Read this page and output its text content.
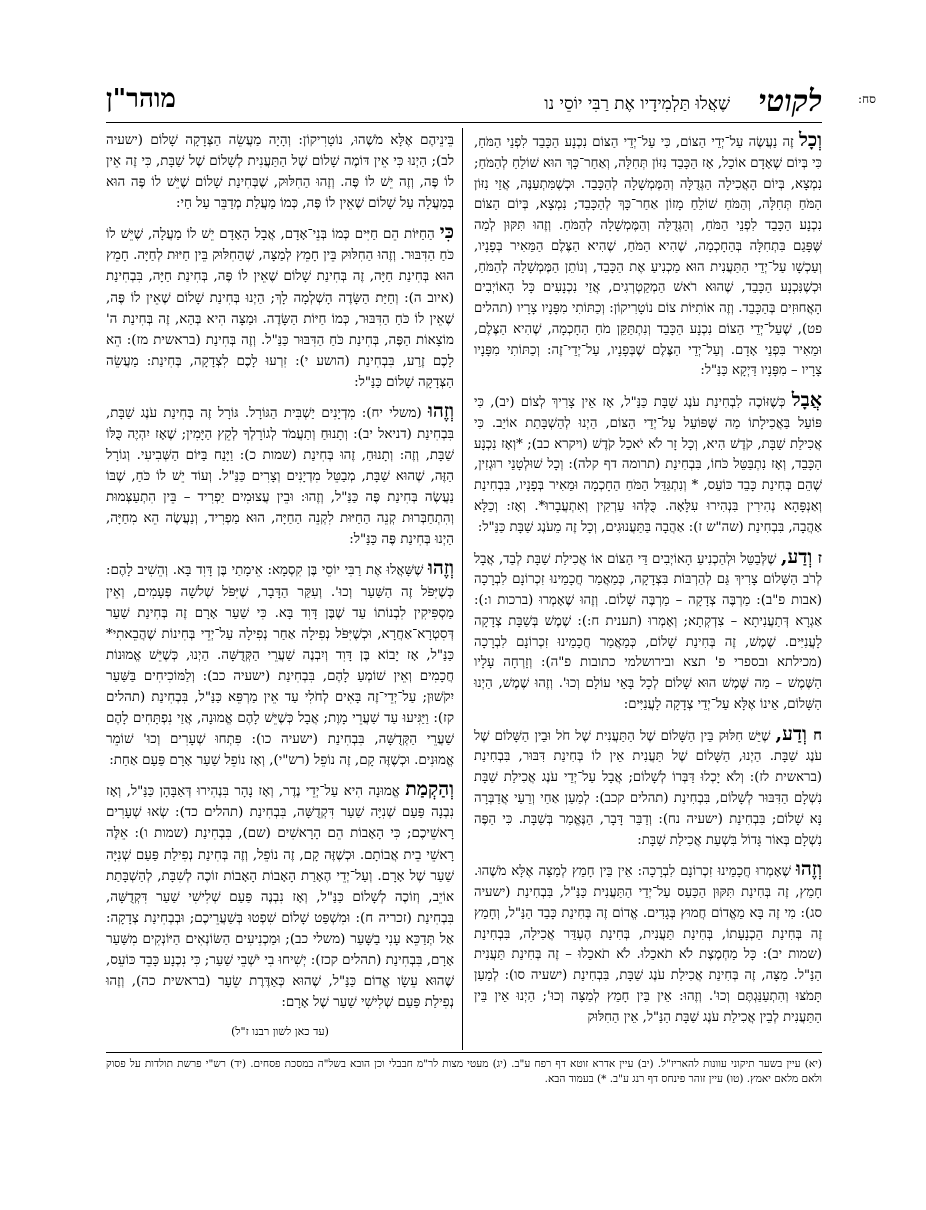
סח:
לקוטי
שֶׁאֲלוּ תַּלְמִידָיו אֶת רַבִּי יוֹסֵי נו
מוהר"ן

וְכָל זֶה נַעֲשֶׂה עַל־יְדֵי הַצּוֹם, כִּי עַל־יְדֵי הַצּוֹם נִכְנָע הַכָּבֵד לִפְנֵי הַמֹּחַ, כִּי בְּיוֹם שֶׁאָדָם אוֹכֵל, אָז הַכָּבֵד נִזּוֹן תְּחִלָּה, וְאַחַר־כָּךְ הוּא שׁוֹלֵחַ לְהַמֹּחַ; נִמְצָא, בְּיוֹם הָאֲכִילָה הַגְּדֻלָּה וְהַמֶּמְשָׁלָה לְהַכָּבֵד. וּכְשֶׁמִּתְעַנֶּה, אֲזַי נִזּוֹן הַמֹּחַ תְּחִלָּה, וְהַמֹּחַ שׁוֹלֵחַ מָזוֹן אַחַר־כָּךְ לְהַכָּבֵד; נִמְצָא, בְּיוֹם הַצּוֹם נִכְנָע הַכָּבֵד לִפְנֵי הַמֹּחַ, וְהַגְּדֻלָּה וְהַמֶּמְשָׁלָה לְהַמֹּחַ. וְזֶהוּ תִּקּוּן לְמַה שֶּׁפָּגַם בִּתְחִלָּה בְּהַחָכְמָה, שֶׁהִיא הַמֹּחַ, שֶׁהִיא הַצֶּלֶם הַמֵּאִיר בְּפָנָיו, וְעַכְשָׁו עַל־יְדֵי הַתַּעֲנִית הוּא מַכְנִיעַ אֶת הַכָּבֵד, וְנוֹתֵן הַמֶּמְשָׁלָה לְהַמֹּחַ, וּכְשֶׁנִּכְנָע הַכָּבֵד, שֶׁהוּא רֹאשׁ הַמְקַטְרְגִים, אֲזַי נִכְנָעִים כָּל הָאוֹיְבִים הָאֲחוּזִים בְּהַכָּבֵד. וְזֶה אוֹתִיּוֹת צוֹם נוֹטָרִיקוֹן: וְכַתּוֹתִי מִפָּנָיו צָרָיו (תהלים פט), שֶׁעַל־יְדֵי הַצּוֹם נִכְנָע הַכָּבֵד וְנִתְתַּקֵּן מֹחַ הַחָכְמָה, שֶׁהִיא הַצֶּלֶם, וּמֵאִיר בִּפְנֵי אָדָם. וְעַל־יְדֵי הַצֶּלֶם שֶׁבְּפָנָיו, עַל־יְדֵי־זֶה: וְכַתּוֹתִי מִפָּנָיו צָרָיו – מִפָּנָיו דַּיְקָא כַּנַּ"ל:

אֲבָל כְּשֶׁזּוֹכֶה לִבְחִינַת עֹנֶג שַׁבָּת כַּנַּ"ל, אָז אֵין צָרִיךְ לְצוֹם (יב), כִּי פּוֹעֵל בַּאֲכִילָתוֹ מַה שֶּׁפּוֹעֵל עַל־יְדֵי הַצּוֹם, הַיְנוּ לְהַשְׁבָּתַת אוֹיֵב. כִּי אֲכִילַת שַׁבָּת, קֹדֶשׁ הִיא, וְכָל זָר לֹא יֹאכַל קֹדֶשׁ (ויקרא כב); *וְאָז נִכְנָע הַכָּבֵד, וְאָז נִתְבַּטֵּל כֹּחוֹ, בִּבְחִינַת (תרומה דף קלה): וְכָל שׁוּלְטָנֵי רוּגְזִין, שֶׁהֵם בְּחִינַת כָּבֵד כּוֹעֵס, * וְנִתְגַּדֵּל הַמֹּחַ הַחָכְמָה וּמֵאִיר בְּפָנָיו, בִּבְחִינַת וְאַנְפָּהָא נְהִירִין בִּנְהִירוּ עִלָּאָה. כֻּלְּהוּ עַרְקִין וְאִתְעֲבָרוּ*. וְאָז: וְכַלָּא אַהֲבָה, בִּבְחִינַת (שה"ש ז): אַהֲבָה בַּתַּעֲנוּגִים, וְכָל זֶה מֵעֹנֶג שַׁבָּת כַּנַּ"ל:

ז וְדַע, שֶׁלְּבַטֵּל וּלְהַכְנִיעַ הָאוֹיְבִים דֵּי הַצּוֹם אוֹ אֲכִילַת שַׁבָּת לְבַד, אֲבָל לְרֹב הַשָּׁלוֹם צָרִיךְ גַּם לְהַרְבּוֹת בִּצְדָקָה, כְּמַאֲמַר חֲכָמֵינוּ זִכְרוֹנָם לִבְרָכָה (אבות פ"ב): מַרְבֶּה צְדָקָה – מַרְבֶּה שָׁלוֹם. וְזֶהוּ שֶׁאָמְרוּ (ברכות ו:): אַגְרָא דְּתַעֲנִיתָא – צִדְקְתָא; וְאָמְרוּ (תענית ח:): שֶׁמֶשׁ בְּשַׁבָּת צְדָקָה לָעֲנִיִּים. שֶׁמֶשׁ, זֶה בְּחִינַת שָׁלוֹם, כְּמַאֲמַר חֲכָמֵינוּ זִכְרוֹנָם לִבְרָכָה (מכילתא ובספרי פ' תצא ובירושלמי כתובות פ"ה): וְזָרְחָה עָלָיו הַשֶּׁמֶשׁ – מַה שֶּׁמֶשׁ הוּא שָׁלוֹם לְכָל בָּאֵי עוֹלָם וְכוּ'. וְזֶהוּ שֶׁמֶשׁ, הַיְנוּ הַשָּׁלוֹם, אֵינוֹ אֶלָּא עַל־יְדֵי צְדָקָה לָעֲנִיִּים:

ח וְדַע, שֶׁיֵּשׁ חִלּוּק בֵּין הַשָּׁלוֹם שֶׁל הַתַּעֲנִית שֶׁל חֹל וּבֵין הַשָּׁלוֹם שֶׁל עֹנֶג שַׁבָּת. הַיְנוּ, הַשָּׁלוֹם שֶׁל תַּעֲנִית אֵין לוֹ בְּחִינַת דִּבּוּר, בִּבְחִינַת (בראשית לז): וְלֹא יָכְלוּ דַּבְּרוֹ לְשָׁלוֹם; אֲבָל עַל־יְדֵי עֹנֶג אֲכִילַת שַׁבָּת נִשְׁלָם הַדִּבּוּר לְשָׁלוֹם, בִּבְחִינַת (תהלים קכב): לְמַעַן אַחַי וְרֵעַי אֲדַבְּרָה נָּא שָׁלוֹם; בִּבְחִינַת (ישעיה נח): וְדַבֵּר דָּבָר, הַנֶּאֱמַר בְּשַׁבָּת. כִּי הַפֶּה נִשְׁלָם בְּאוֹר גָּדוֹל בִּשְׁעַת אֲכִילַת שַׁבָּת:

וְזֶהוּ שֶׁאָמְרוּ חֲכָמֵינוּ זִכְרוֹנָם לִבְרָכָה: אֵין בֵּין חָמֵץ לְמַצָּה אֶלָּא מֹשֶׁהוּ. חָמֵץ, זֶה בְּחִינַת תִּקּוּן הַכַּעַס עַל־יְדֵי הַתַּעֲנִית כַּנַּ"ל, בִּבְחִינַת (ישעיה סג): מִי זֶה בָּא מֵאֱדוֹם חֲמוּץ בְּגָדִים. אֱדוֹם זֶה בְּחִינַת כָּבֵד הַנַּ"ל, וְחָמֵץ זֶה בְּחִינַת הַכְנָעָתוֹ, בְּחִינַת תַּעֲנִית, בְּחִינַת הֶעְדֵּר אֲכִילָה, בִּבְחִינַת (שמות יב): כָּל מַחְמֶצֶת לֹא תֹאכֵלוּ. לֹא תֹאכֵלוּ – זֶה בְּחִינַת תַּעֲנִית הַנַּ"ל. מַצָּה, זֶה בְּחִינַת אֲכִילַת עֹנֶג שַׁבָּת, בִּבְחִינַת (ישעיה סו): לְמַעַן תָּמֹצּוּ וְהִתְעַנַּגְתֶּם וְכוּ'. וְזֶהוּ: אֵין בֵּין חָמֵץ לְמַצָּה וְכוּ'; הַיְנוּ אֵין בֵּין הַתַּעֲנִית לְבֵין אֲכִילַת עֹנֶג שַׁבָּת הַנַּ"ל, אֵין הַחִלּוּק

בֵּינֵיהֶם אֶלָּא מֹשֶׁהוּ, נוֹטָרִיקוֹן: וְהָיָה מַעֲשֵׂה הַצְּדָקָה שָׁלוֹם (ישעיה לב); הַיְנוּ כִּי אֵין דּוֹמֶה שָׁלוֹם שֶׁל הַתַּעֲנִית לְשָׁלוֹם שֶׁל שַׁבָּת, כִּי זֶה אֵין לוֹ פֶּה, וְזֶה יֵשׁ לוֹ פֶּה. וְזֶהוּ הַחִלּוּק, שֶׁבְּחִינַת שָׁלוֹם שֶׁיֵּשׁ לוֹ פֶּה הוּא בְּמַעֲלָה עַל שָׁלוֹם שֶׁאֵין לוֹ פֶּה, כְּמוֹ מַעֲלַת מְדַבֵּר עַל חַי:

כִּי הַחַיּוֹת הֵם חַיִּים כְּמוֹ בְּנֵי־אָדָם, אֲבָל הָאָדָם יֵשׁ לוֹ מַעֲלָה, שֶׁיֵּשׁ לוֹ כֹּחַ הַדִּבּוּר. וְזֶהוּ הַחִלּוּק בֵּין חָמֵץ לְמַצָּה, שֶׁהַחִלּוּק בֵּין חַיּוּת לְחַיָּה. חָמֵץ הוּא בְּחִינַת חַיָּה, זֶה בְּחִינַת שָׁלוֹם שֶׁאֵין לוֹ פֶּה, בְּחִינַת חַיָּה, בִּבְחִינַת (איוב ה): וְחַיַּת הַשָּׂדֶה הָשְׁלְמָה לָךְ; הַיְנוּ בְּחִינַת שָׁלוֹם שֶׁאֵין לוֹ פֶּה, שֶׁאֵין לוֹ כֹּחַ הַדִּבּוּר, כְּמוֹ חַיּוֹת הַשָּׂדֶה. וּמַצָּה הִיא בְּהַא, זֶה בְּחִינַת ה' מוֹצָאוֹת הַפֶּה, בְּחִינַת כֹּחַ הַדִּבּוּר כַּנַּ"ל. וְזֶה בְּחִינַת (בראשית מז): הֵא לָכֶם זֶרַע, בִּבְחִינַת (הושע י): זִרְעוּ לָכֶם לִצְדָקָה, בְּחִינַת: מַעֲשֵׂה הַצְּדָקָה שָׁלוֹם כַּנַּ"ל:

וְזֶהוּ (משלי יח): מִדְיָנִים יַשְׁבִּית הַגּוֹרָל. גּוֹרָל זֶה בְּחִינַת עֹנֶג שַׁבָּת, בִּבְחִינַת (דניאל יב): וְתָנוּחַ וְתַעֲמֹד לְגוֹרָלְךָ לְקֵץ הַיָּמִין; שֶׁאָז יִהְיֶה כֻּלּוֹ שַׁבָּת, וְזֶה: וְתָנוּחַ, זֶהוּ בְּחִינַת (שמות כ): וַיָּנַח בַּיּוֹם הַשְּׁבִיעִי. וְגוֹרָל הַזֶּה, שֶׁהוּא שַׁבָּת, מְבַטֵּל מִדְיָנִים וְצָרִים כַּנַּ"ל. וְעוֹד יֵשׁ לוֹ כֹּחַ, שֶׁבּוֹ נַעֲשֶׂה בְּחִינַת פֶּה כַּנַּ"ל, וְזֶהוּ: וּבֵין עֲצוּמִים יַפְרִיד – בֵּין הִתְעַצְּמוּת וְהִתְחַבְּרוּת קְנֵה הַחַיּוּת לִקְנֵה הַחַיָּה, הוּא מַפְרִיד, וְנַעֲשֶׂה הֵא מִחַיָּה, הַיְנוּ בְּחִינַת פֶּה כַּנַּ"ל:

וְזֶהוּ שֶׁשָּׁאֲלוּ אֶת רַבִּי יוֹסֵי בֶּן קִסְמָא: אֵימָתַי בֶּן דָּוִד בָּא. וְהֵשִׁיב לָהֶם: כְּשֶׁיִּפֹּל זֶה הַשַּׁעַר וְכוּ'. וְעִקַּר הַדָּבָר, שֶׁיִּפֹּל שְׁלשָׁה פְּעָמִים, וְאֵין מַסְפִּיקִין לִבְנוֹתוֹ עַד שֶׁבֶּן דָּוִד בָּא. כִּי שַׁעַר אָרָם זֶה בְּחִינַת שַׁעַר דְּסִטְרָא־אַחֲרָא, וּכְשֶׁיִּפֹּל נְפִילָה אַחַר נְפִילָה עַל־יְדֵי בְּחִינוֹת שֶׁהֲבֵאתִי* כַּנַּ"ל, אָז יָבוֹא בֶּן דָּוִד וְיִבְנֶה שַׁעֲרֵי הַקְּדֻשָּׁה. הַיְנוּ, כְּשֶׁיֵּשׁ אֱמוּנוֹת חֲכָמִים וְאֵין שׁוֹמְעַ לָהֶם, בִּבְחִינַת (ישעיה כב): וְלַמּוֹכִיחִים בַּשַּׁעַר יִקֹשׁוּן; עַל־יְדֵי־זֶה בָּאִים לְחֹלִי עַד אֵין מַרְפֵּא כַּנַּ"ל, בִּבְחִינַת (תהלים קז): וַיַּגִּיעוּ עַד שַׁעֲרֵי מָוֶת; אֲבָל כְּשֶׁיֵּשׁ לָהֶם אֱמוּנָה, אֲזַי נִפְתָּחִים לָהֶם שַׁעֲרֵי הַקְּדֻשָּׁה, בִּבְחִינַת (ישעיה כו): פִּתְחוּ שְׁעָרִים וְכוּ' שׁוֹמֵר אֱמוּנִים. וּכְשֶׁזֶּה קָם, זֶה נוֹפֵל (רש"י), וְאָז נוֹפֵל שַׁעַר אָרָם פַּעַם אַחַת:

וְהַקְמַת אֱמוּנָה הִיא עַל־יְדֵי נֶדֶר, וְאָז נָהָר בִּנְהִירוּ דְּאַבָּהָן כַּנַּ"ל, וְאָז נִבְנָה פַּעַם שְׁנִיָּה שַׁעַר דִּקְדֻשָּׁה, בִּבְחִינַת (תהלים כד): שְׂאוּ שְׁעָרִים רָאשֵׁיכֶם; כִּי הָאָבוֹת הֵם הָרָאשִׁים (שם), בִּבְחִינַת (שמות ו): אֵלֶּה רָאשֵׁי בֵית אֲבוֹתָם. וּכְשֶׁזֶּה קָם, זֶה נוֹפֵל, וְזֶה בְּחִינַת נְפִילַת פַּעַם שְׁנִיָּה שַׁעַר שֶׁל אָרָם. וְעַל־יְדֵי הֶאָרַת הָאָבוֹת הָאָבוֹת זוֹכֶה לְשִׁבָּת, לְהַשְׁבָּתַת אוֹיֵב, וְזוֹכֶה לְשָׁלוֹם כַּנַּ"ל, וְאָז נִבְנֶה פַּעַם שְׁלִישִׁי שַׁעַר דִּקְדֻשָּׁה, בִּבְחִינַת (זכריה ח): וּמִשְׁפַּט שָׁלוֹם שִׁפְטוּ בְּשַׁעֲרֵיכֶם; וּבְבְחִינַת צְדָקָה: אַל תְּדַכֵּא עָנִי בַשָּׁעַר (משלי כב); וּמַכְנִיעִים הַשּׂוֹנְאִים הַיּוֹנְקִים מִשַּׁעַר אָרָם, בִּבְחִינַת (תהלים קכז): יְשִׁיחוּ בִי יֹשְׁבֵי שַׁעַר; כִּי נִכְנָע כָּבֵד כּוֹעֵס, שֶׁהוּא עֵשָׂו אֱדוֹם כַּנַּ"ל, שֶׁהוּא כְּאַדֶּרֶת שֵׂעָר (בראשית כה), וְזֶהוּ נְפִילַת פַּעַם שְׁלִישִׁי שַׁעַר שֶׁל אָרָם:

(עד כאן לשון רבנו ז"ל)
(יא) עיין בשער תיקוני עוונות להאריז"ל. (יב) עיין אדרא זוטא דף רפח ע"ב. (יג) מעטי מצות לר"מ חבבלי וכן הובא בשל"ה במסכת פסחים. (יד) רש"י פרשת תולדות על פסוק ולאם מלאם יאמץ. (טו) עיין זוהר פינחס דף רנג ע"ב. *) בעמוד הבא.
